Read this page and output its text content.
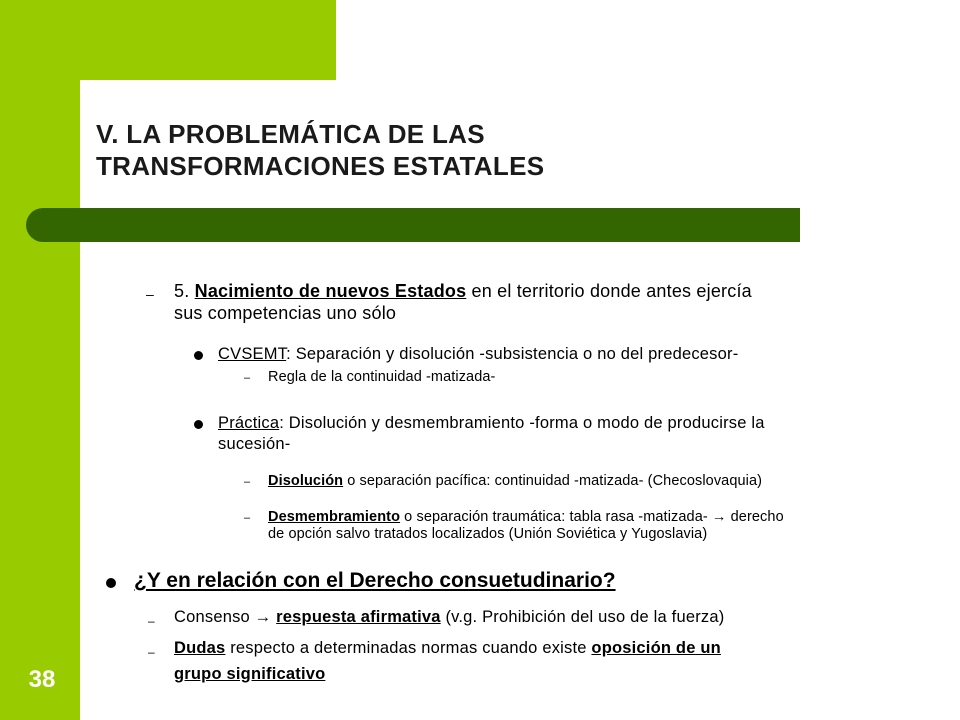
V. LA PROBLEMÁTICA DE LAS
TRANSFORMACIONES ESTATALES
– 5. Nacimiento de nuevos Estados en el territorio donde antes ejercía
sus competencias uno sólo
CVSEMT: Separación y disolución -subsistencia o no del predecesor-
– Regla de la continuidad -matizada-
Práctica: Disolución y desmembramiento -forma o modo de producirse la
sucesión-
– Disolución o separación pacífica: continuidad -matizada- (Checoslovaquia)
– Desmembramiento o separación traumática: tabla rasa -matizada- → derecho
de opción salvo tratados localizados (Unión Soviética y Yugoslavia)
¿Y en relación con el Derecho consuetudinario?
– Consenso → respuesta afirmativa (v.g. Prohibición del uso de la fuerza)
– Dudas respecto a determinadas normas cuando existe oposición de un
grupo significativo
38
